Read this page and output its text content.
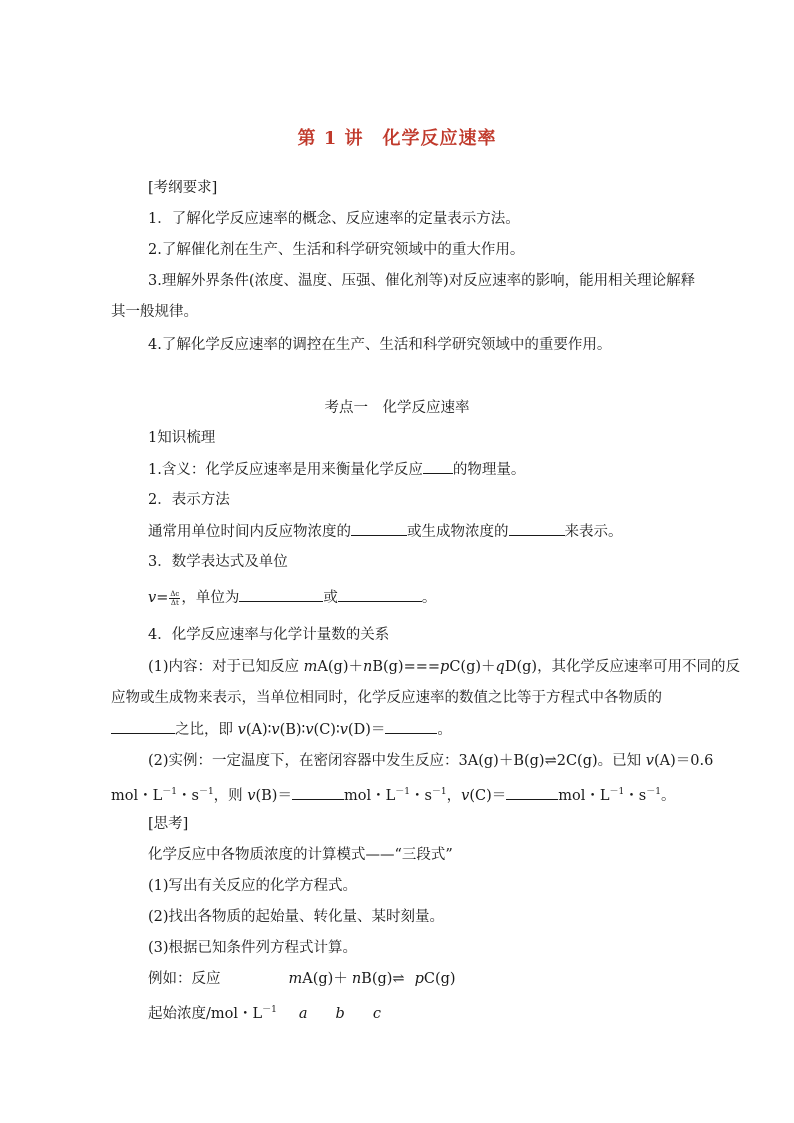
第 1 讲　化学反应速率
[考纲要求]
1．了解化学反应速率的概念、反应速率的定量表示方法。
2.了解催化剂在生产、生活和科学研究领域中的重大作用。
3.理解外界条件(浓度、温度、压强、催化剂等)对反应速率的影响，能用相关理论解释
其一般规律。
4.了解化学反应速率的调控在生产、生活和科学研究领域中的重要作用。
考点一　化学反应速率
1知识梳理
1.含义：化学反应速率是用来衡量化学反应 的物理量。
2．表示方法
通常用单位时间内反应物浓度的	或生成物浓度的	来表示。
3．数学表达式及单位
$v= \frac{\Delta c}{\Delta t}$ ，单位为	或	。
4．化学反应速率与化学计量数的关系
(1)内容：对于已知反应 mA(g)＋nB(g)===pC(g)＋qD(g)，其化学反应速率可用不同的反
应物或生成物来表示，当单位相同时，化学反应速率的数值之比等于方程式中各物质的
之比，即 v(A)∶v(B)∶v(C)∶v(D)＝	。
(2)实例：一定温度下，在密闭容器中发生反应：3A(g)＋B(g)⇌2C(g)。已知 v(A)＝0.6
mol・$L^{-1}$・$s^{-1}$，则 v(B)＝	mol・$L^{-1}$・$s^{-1}$，v(C)＝	mol・$L^{-1}$・$s^{-1}$。
[思考]
化学反应中各物质浓度的计算模式——“三段式”
(1)写出有关反应的化学方程式。
(2)找出各物质的起始量、转化量、某时刻量。
(3)根据已知条件列方程式计算。
例如：反应	mA(g)＋ nB(g)⇌ pC(g)
起始浓度/mol・$L^{-1}$ a b c
